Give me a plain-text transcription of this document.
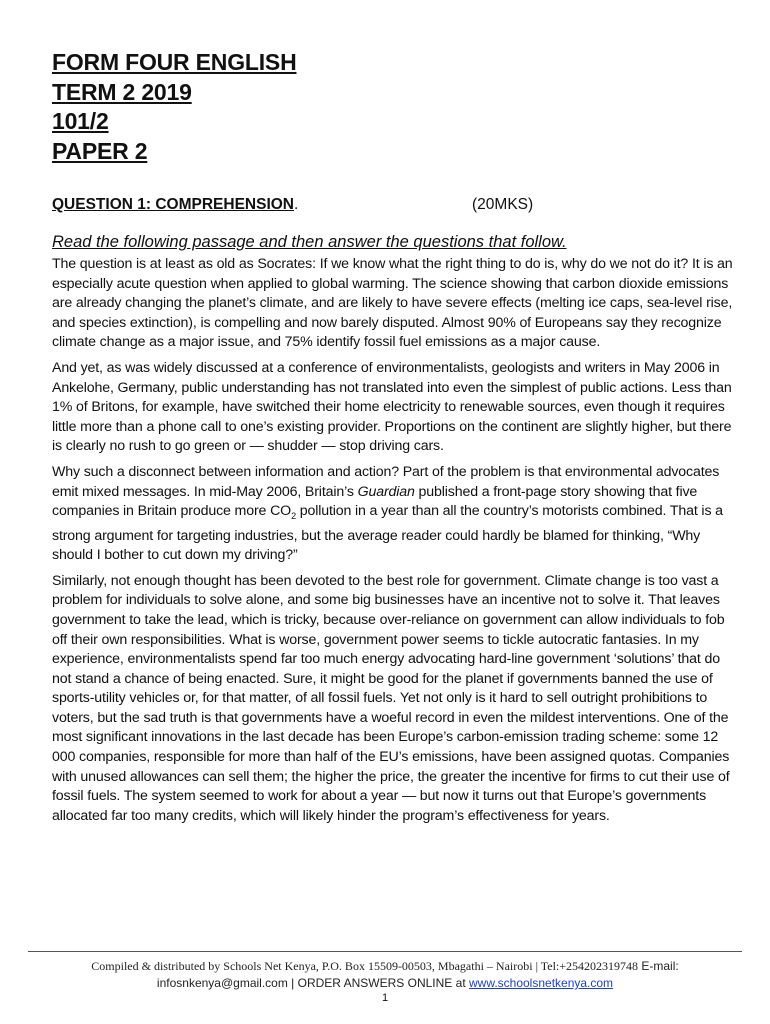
FORM FOUR ENGLISH
TERM 2 2019
101/2
PAPER 2
QUESTION 1: COMPREHENSION.	(20MKS)
Read the following passage and then answer the questions that follow.

The question is at least as old as Socrates: If we know what the right thing to do is, why do we not do it? It is an especially acute question when applied to global warming. The science showing that carbon dioxide emissions are already changing the planet’s climate, and are likely to have severe effects (melting ice caps, sea-level rise, and species extinction), is compelling and now barely disputed. Almost 90% of Europeans say they recognize climate change as a major issue, and 75% identify fossil fuel emissions as a major cause.

And yet, as was widely discussed at a conference of environmentalists, geologists and writers in May 2006 in Ankelohe, Germany, public understanding has not translated into even the simplest of public actions. Less than 1% of Britons, for example, have switched their home electricity to renewable sources, even though it requires little more than a phone call to one’s existing provider. Proportions on the continent are slightly higher, but there is clearly no rush to go green or — shudder — stop driving cars.

Why such a disconnect between information and action? Part of the problem is that environmental advocates emit mixed messages. In mid-May 2006, Britain’s Guardian published a front-page story showing that five companies in Britain produce more $CO_2$ pollution in a year than all the country’s motorists combined. That is a strong argument for targeting industries, but the average reader could hardly be blamed for thinking, “Why should I bother to cut down my driving?”

Similarly, not enough thought has been devoted to the best role for government. Climate change is too vast a problem for individuals to solve alone, and some big businesses have an incentive not to solve it. That leaves government to take the lead, which is tricky, because over-reliance on government can allow individuals to fob off their own responsibilities. What is worse, government power seems to tickle autocratic fantasies. In my experience, environmentalists spend far too much energy advocating hard-line government ‘solutions’ that do not stand a chance of being enacted. Sure, it might be good for the planet if governments banned the use of sports-utility vehicles or, for that matter, of all fossil fuels. Yet not only is it hard to sell outright prohibitions to voters, but the sad truth is that governments have a woeful record in even the mildest interventions. One of the most significant innovations in the last decade has been Europe’s carbon-emission trading scheme: some 12 000 companies, responsible for more than half of the EU’s emissions, have been assigned quotas. Companies with unused allowances can sell them; the higher the price, the greater the incentive for firms to cut their use of fossil fuels. The system seemed to work for about a year — but now it turns out that Europe’s governments allocated far too many credits, which will likely hinder the program’s effectiveness for years.

Compiled & distributed by Schools Net Kenya, P.O. Box 15509-00503, Mbagathi – Nairobi | Tel:+254202319748 E-mail:
infosnkenya@gmail.com | ORDER ANSWERS ONLINE at www.schoolsnetkenya.com
1
